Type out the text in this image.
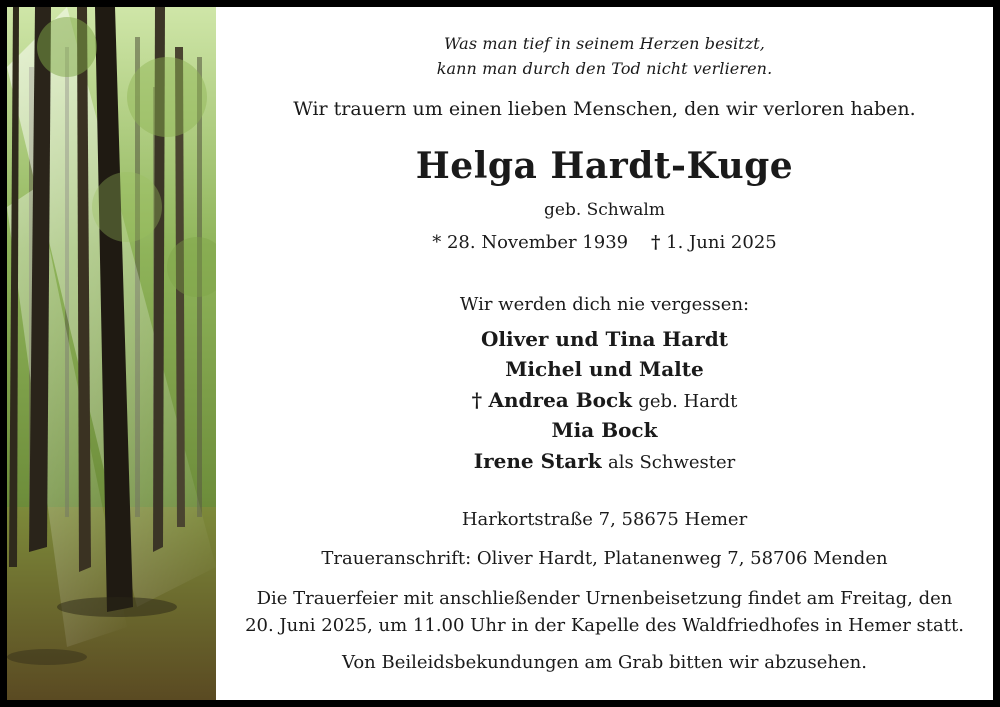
Was man tief in seinem Herzen besitzt,
kann man durch den Tod nicht verlieren.
Wir trauern um einen lieben Menschen, den wir verloren haben.
Helga Hardt-Kuge
geb. Schwalm
* 28. November 1939 † 1. Juni 2025
Wir werden dich nie vergessen:
Oliver und Tina Hardt
Michel und Malte
† Andrea Bock geb. Hardt
Mia Bock
Irene Stark als Schwester
Harkortstraße 7, 58675 Hemer
Traueranschrift: Oliver Hardt, Platanenweg 7, 58706 Menden
Die Trauerfeier mit anschließender Urnenbeisetzung findet am Freitag, den
20. Juni 2025, um 11.00 Uhr in der Kapelle des Waldfriedhofes in Hemer statt.
Von Beileidsbekundungen am Grab bitten wir abzusehen.
